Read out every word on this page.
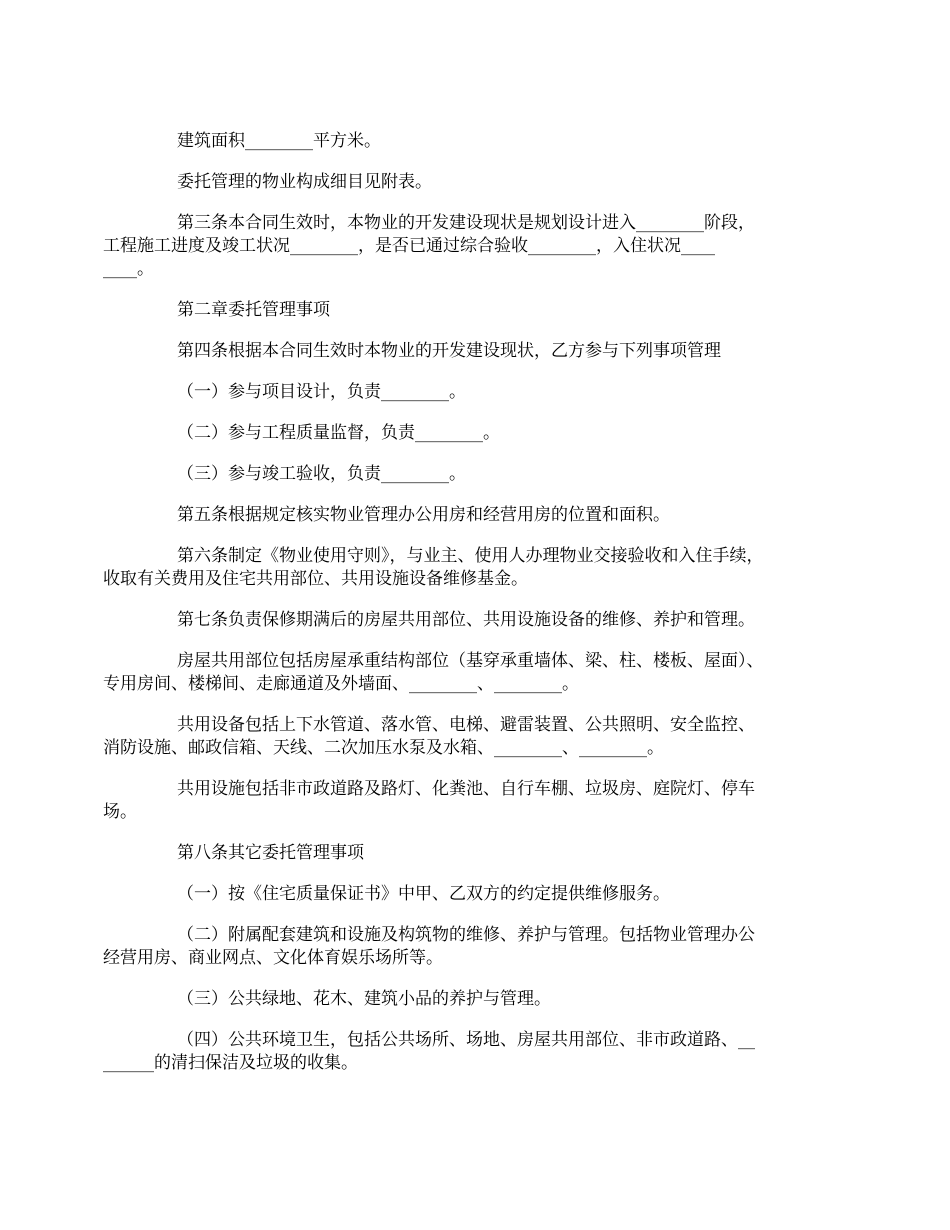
建筑面积________平方米。

委托管理的物业构成细目见附表。

第三条本合同生效时，本物业的开发建设现状是规划设计进入________阶段，
工程施工进度及竣工状况________，是否已通过综合验收________，入住状况____
____。

第二章委托管理事项

第四条根据本合同生效时本物业的开发建设现状，乙方参与下列事项管理

（一）参与项目设计，负责________。

（二）参与工程质量监督，负责________。

（三）参与竣工验收，负责________。

第五条根据规定核实物业管理办公用房和经营用房的位置和面积。

第六条制定《物业使用守则》，与业主、使用人办理物业交接验收和入住手续，
收取有关费用及住宅共用部位、共用设施设备维修基金。

第七条负责保修期满后的房屋共用部位、共用设施设备的维修、养护和管理。

房屋共用部位包括房屋承重结构部位（基穿承重墙体、梁、柱、楼板、屋面）、
专用房间、楼梯间、走廊通道及外墙面、________、________。

共用设备包括上下水管道、落水管、电梯、避雷装置、公共照明、安全监控、
消防设施、邮政信箱、天线、二次加压水泵及水箱、________、________。

共用设施包括非市政道路及路灯、化粪池、自行车棚、垃圾房、庭院灯、停车
场。

第八条其它委托管理事项

（一）按《住宅质量保证书》中甲、乙双方的约定提供维修服务。

（二）附属配套建筑和设施及构筑物的维修、养护与管理。包括物业管理办公
经营用房、商业网点、文化体育娱乐场所等。

（三）公共绿地、花木、建筑小品的养护与管理。

（四）公共环境卫生，包括公共场所、场地、房屋共用部位、非市政道路、__
______的清扫保洁及垃圾的收集。
